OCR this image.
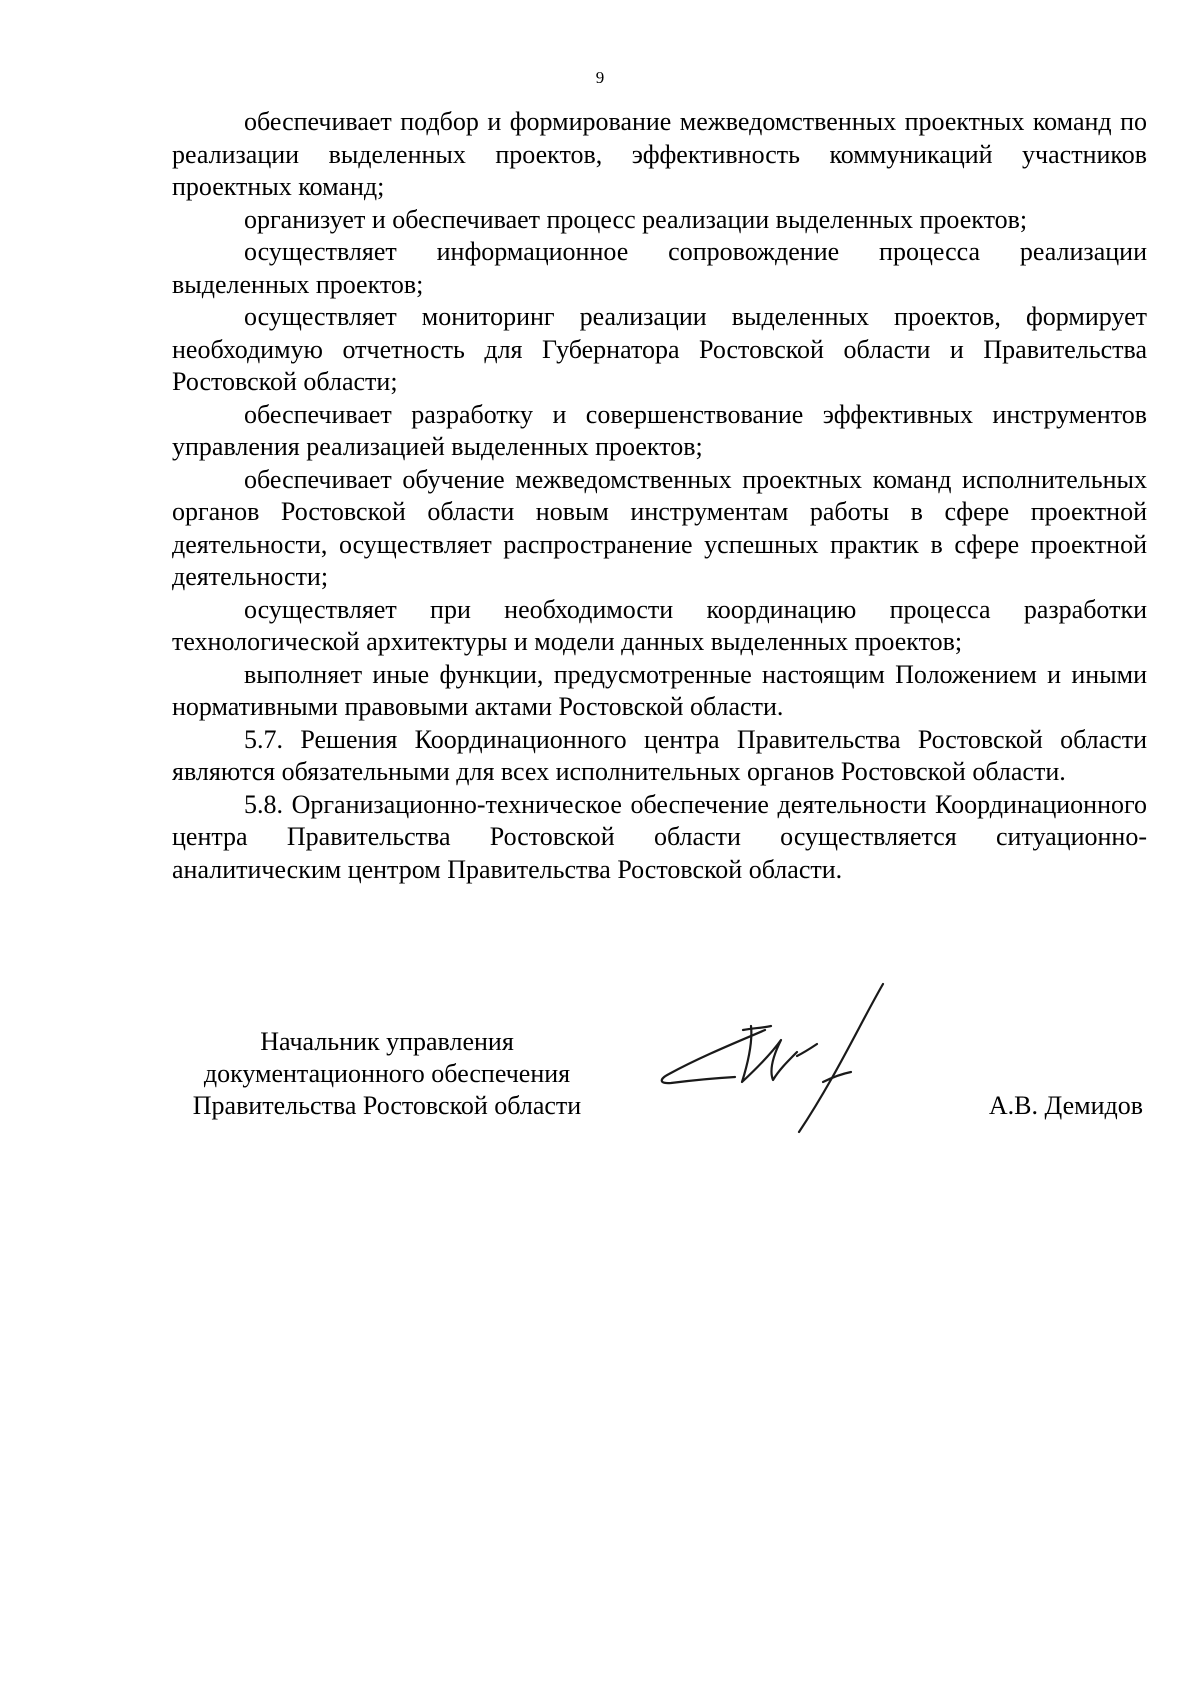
9

обеспечивает подбор и формирование межведомственных проектных команд по реализации выделенных проектов, эффективность коммуникаций участников проектных команд;

организует и обеспечивает процесс реализации выделенных проектов;

осуществляет информационное сопровождение процесса реализации выделенных проектов;

осуществляет мониторинг реализации выделенных проектов, формирует необходимую отчетность для Губернатора Ростовской области и Правительства Ростовской области;

обеспечивает разработку и совершенствование эффективных инструментов управления реализацией выделенных проектов;

обеспечивает обучение межведомственных проектных команд исполнительных органов Ростовской области новым инструментам работы в сфере проектной деятельности, осуществляет распространение успешных практик в сфере проектной деятельности;

осуществляет при необходимости координацию процесса разработки технологической архитектуры и модели данных выделенных проектов;

выполняет иные функции, предусмотренные настоящим Положением и иными нормативными правовыми актами Ростовской области.

5.7. Решения Координационного центра Правительства Ростовской области являются обязательными для всех исполнительных органов Ростовской области.

5.8. Организационно-техническое обеспечение деятельности Координационного центра Правительства Ростовской области осуществляется ситуационно-аналитическим центром Правительства Ростовской области.

Начальник управления
документационного обеспечения
Правительства Ростовской области	А.В. Демидов
